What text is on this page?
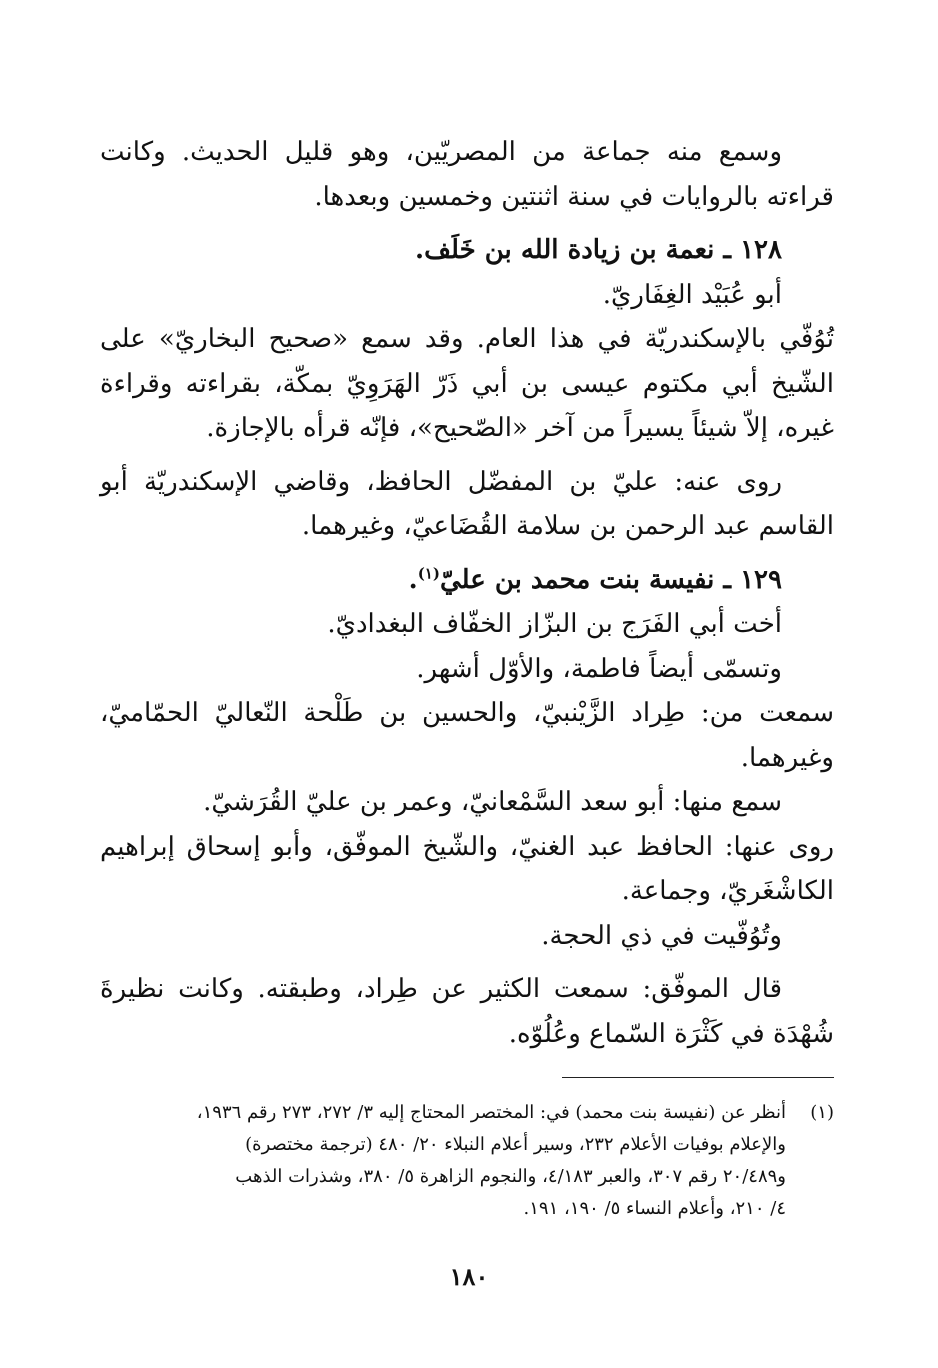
وسمع منه جماعة من المصريّين، وهو قليل الحديث. وكانت قراءته بالروايات في سنة اثنتين وخمسين وبعدها.

١٢٨ ـ نعمة بن زيادة الله بن خَلَف.

أبو عُبَيْد الغِفَاريّ.

تُوُفّي بالإسكندريّة في هذا العام. وقد سمع «صحيح البخاريّ» على الشّيخ أبي مكتوم عيسى بن أبي ذَرّ الهَرَوِيّ بمكّة، بقراءته وقراءة غيره، إلاّ شيئاً يسيراً من آخر «الصّحيح»، فإنّه قرأه بالإجازة.

روى عنه: عليّ بن المفضّل الحافظ، وقاضي الإسكندريّة أبو القاسم عبد الرحمن بن سلامة القُضَاعيّ، وغيرهما.

١٢٩ ـ نفيسة بنت محمد بن عليّ$^{(١)}$.

أخت أبي الفَرَج بن البزّاز الخفّاف البغداديّ.

وتسمّى أيضاً فاطمة، والأوّل أشهر.

سمعت من: طِراد الزَّيْنبيّ، والحسين بن طَلْحة النّعاليّ الحمّاميّ، وغيرهما.

سمع منها: أبو سعد السَّمْعانيّ، وعمر بن عليّ القُرَشيّ.

روى عنها: الحافظ عبد الغنيّ، والشّيخ الموفّق، وأبو إسحاق إبراهيم الكاشْغَريّ، وجماعة.

وتُوُفّيت في ذي الحجة.

قال الموفّق: سمعت الكثير عن طِراد، وطبقته. وكانت نظيرةَ شُهْدَة في كَثْرَة السّماع وعُلُوّه.

(١)
أنظر عن (نفيسة بنت محمد) في: المختصر المحتاج إليه ٣/ ٢٧٢، ٢٧٣ رقم ١٩٣٦،
والإعلام بوفيات الأعلام ٢٣٢، وسير أعلام النبلاء ٢٠/ ٤٨٠ (ترجمة مختصرة)
و٢٠/٤٨٩ رقم ٣٠٧، والعبر ٤/١٨٣، والنجوم الزاهرة ٥/ ٣٨٠، وشذرات الذهب
٤/ ٢١٠، وأعلام النساء ٥/ ١٩٠، ١٩١.
١٨٠
